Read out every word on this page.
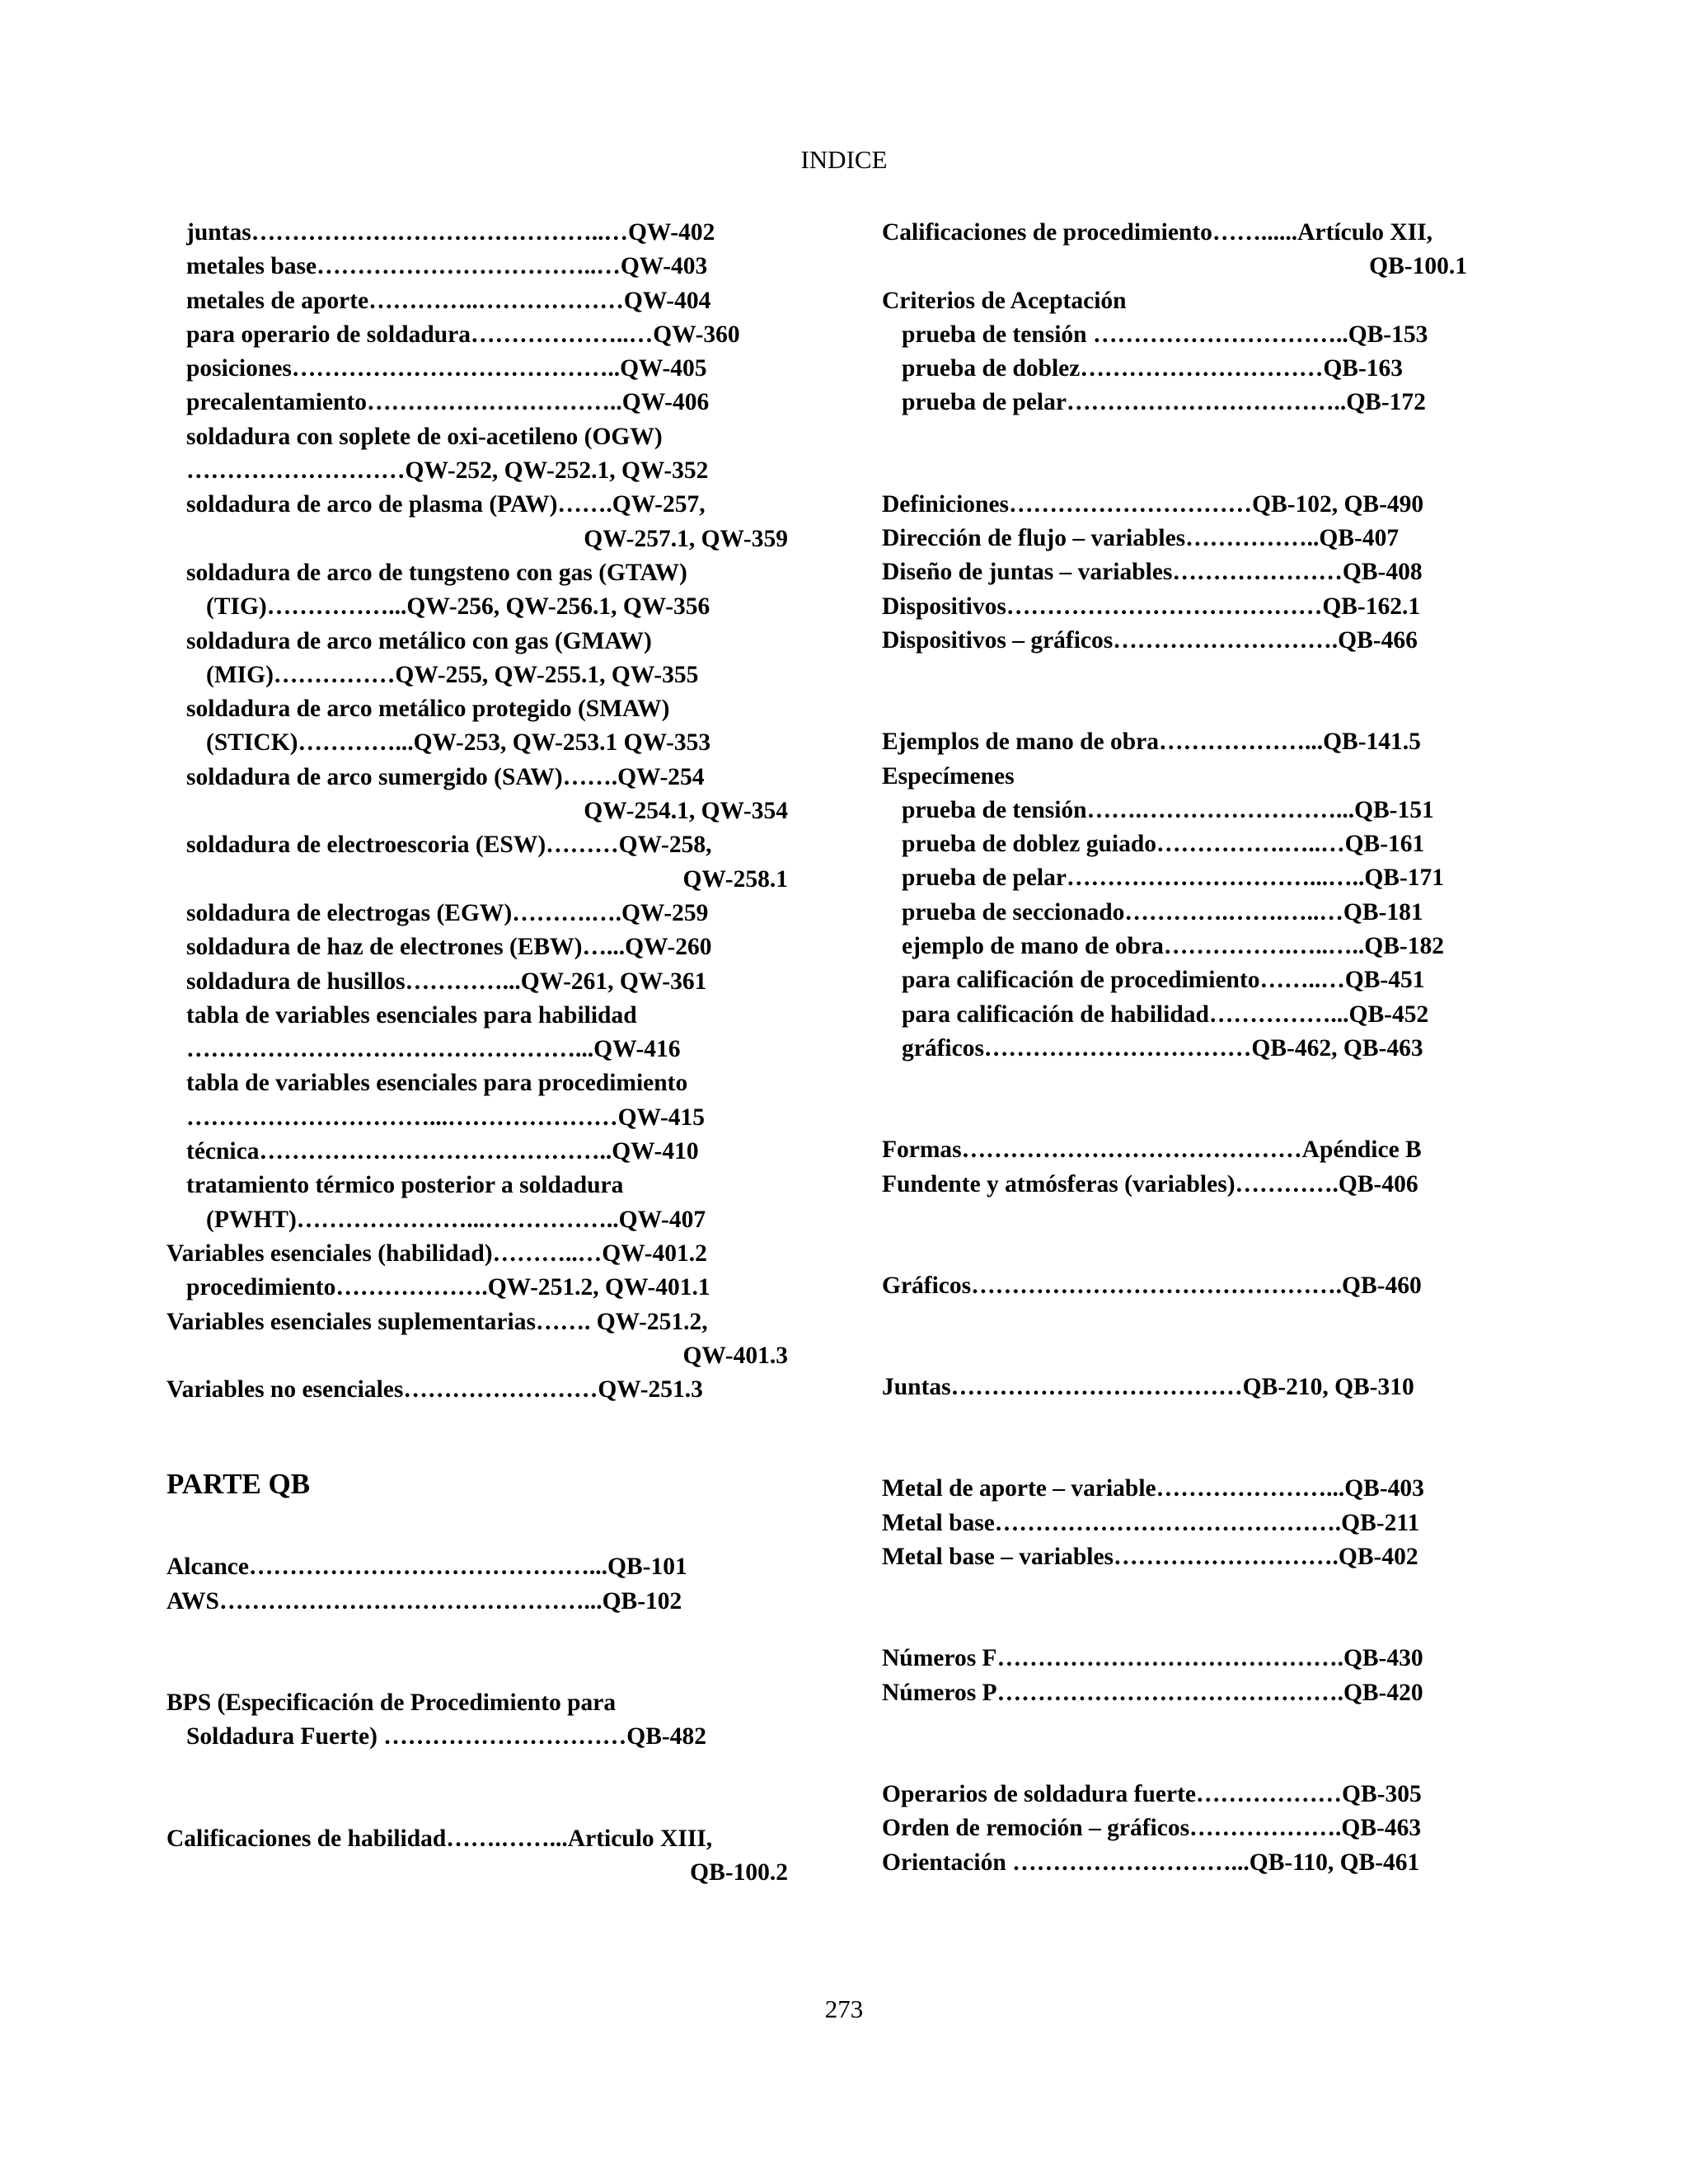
INDICE
juntas……………………………………..…QW-402
metales base……………………………..…QW-403
metales de aporte…………..………………QW-404
para operario de soldadura………………..…QW-360
posiciones…………………………………..QW-405
precalentamiento…………………………..QW-406
soldadura con soplete de oxi-acetileno (OGW)
………………………QW-252, QW-252.1, QW-352
soldadura de arco de plasma (PAW)…….QW-257,
QW-257.1, QW-359
soldadura de arco de tungsteno con gas (GTAW)
(TIG)……………...QW-256, QW-256.1, QW-356
soldadura de arco metálico con gas (GMAW)
(MIG)……………QW-255, QW-255.1, QW-355
soldadura de arco metálico protegido (SMAW)
(STICK)…………...QW-253, QW-253.1 QW-353
soldadura de arco sumergido (SAW)…….QW-254
QW-254.1, QW-354
soldadura de electroescoria (ESW)………QW-258,
QW-258.1
soldadura de electrogas (EGW)……….….QW-259
soldadura de haz de electrones (EBW)…...QW-260
soldadura de husillos…………...QW-261, QW-361
tabla de variables esenciales para habilidad
…………………………………………...QW-416
tabla de variables esenciales para procedimiento
…………………………...…………………QW-415
técnica……………………………………..QW-410
tratamiento térmico posterior a soldadura
(PWHT)…………………...……………..QW-407
Variables esenciales (habilidad)………..…QW-401.2
procedimiento……………….QW-251.2, QW-401.1
Variables esenciales suplementarias……. QW-251.2,
QW-401.3
Variables no esenciales……………………QW-251.3
PARTE QB
Alcance……………………………………...QB-101
AWS………………………………………...QB-102
BPS (Especificación de Procedimiento para
Soldadura Fuerte) …………………………QB-482
Calificaciones de habilidad…….……...Articulo XIII,
QB-100.2
Calificaciones de procedimiento……......Artículo XII,
QB-100.1
Criterios de Aceptación
prueba de tensión …………………………..QB-153
prueba de doblez…………………………QB-163
prueba de pelar……………………………..QB-172
Definiciones…………………………QB-102, QB-490
Dirección de flujo – variables……………..QB-407
Diseño de juntas – variables…………………QB-408
Dispositivos…………………………………QB-162.1
Dispositivos – gráficos……………………….QB-466
Ejemplos de mano de obra………………...QB-141.5
Especímenes
prueba de tensión…….……………………...QB-151
prueba de doblez guiado…………….…..…QB-161
prueba de pelar…………………………...…..QB-171
prueba de seccionado………….…….…..…QB-181
ejemplo de mano de obra…………….…..…..QB-182
para calificación de procedimiento……..…QB-451
para calificación de habilidad……………...QB-452
gráficos……………………………QB-462, QB-463
Formas……………………………………Apéndice B
Fundente y atmósferas (variables)………….QB-406
Gráficos……………………………………….QB-460
Juntas………………………………QB-210, QB-310
Metal de aporte – variable…………………...QB-403
Metal base…………………………………….QB-211
Metal base – variables……………………….QB-402
Números F…………………………………….QB-430
Números P…………………………………….QB-420
Operarios de soldadura fuerte………………QB-305
Orden de remoción – gráficos……………….QB-463
Orientación ………………………...QB-110, QB-461
273
